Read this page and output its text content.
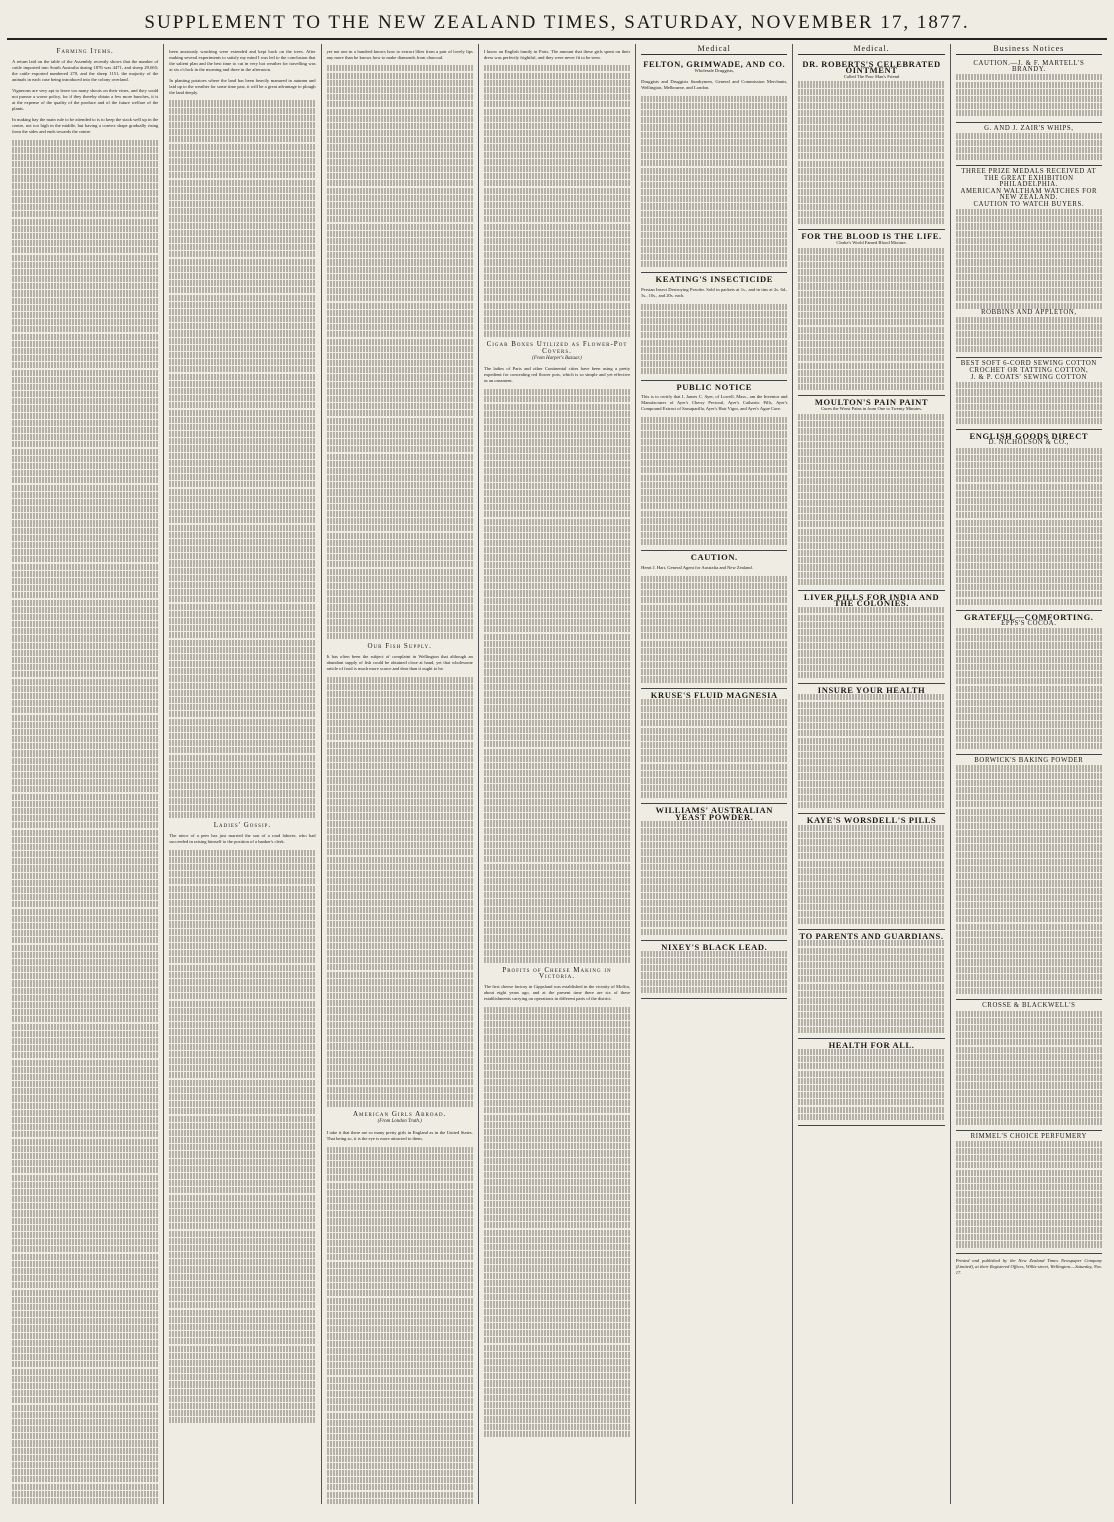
SUPPLEMENT TO THE NEW ZEALAND TIMES, SATURDAY, NOVEMBER 17, 1877.
Farming Items.

A return laid on the table of the Assembly recently shows that the number of cattle imported into South Australia during 1876 was 4471, and sheep 29,665; the cattle exported numbered 270, and the sheep 1151, the majority of the animals in each case being introduced into the colony overland.

Vignerons are very apt to leave too many shoots on their vines, and they could not pursue a worse policy, for if they thereby obtain a few more bunches, it is at the expense of the quality of the produce and of the future welfare of the plants.

In making hay the main rule to be attended to is to keep the stack well up in the centre, not too high in the middle, but having a convex shape gradually rising from the sides and ends towards the centre.

been anxiously watching were extended and kept back on the trees. After making several experiments to satisfy my mind I was led to the conclusion that the salient plan and the best time to cut in very hot weather for travelling was at six o'clock in the morning and three in the afternoon.

In planting potatoes where the land has been heavily manured in autumn and laid up to the weather for some time past, it will be a great advantage to plough the land deeply.

Ladies' Gossip.

The niece of a peer has just married the son of a road laborer, who had succeeded in raising himself to the position of a banker's clerk.

yet not one in a hundred knows how to extract lilies from a pair of lovely lips any more than he knows how to make diamonds from charcoal.

Our Fish Supply.

It has often been the subject of complaint in Wellington that although an abundant supply of fish could be obtained close at hand, yet that wholesome article of food is much more scarce and dear than it ought to be.

American Girls Abroad.
(From London Truth.)

I take it that there are so many pretty girls in England as in the United States. That being so, it is the eye is more attracted to them.

I know an English family in Paris. The amount that these girls spent on their dress was perfectly frightful, and they were never fit to be seen.

Cigar Boxes Utilized as Flower-Pot Covers.
(From Harper's Bazaar.)

The ladies of Paris and other Continental cities have been using a pretty expedient for concealing red flower pots, which is so simple and yet effective as an ornament.

Profits of Cheese Making in Victoria.

The first cheese factory in Gippsland was established in the vicinity of Moffra, about eight years ago, and at the present time there are six of these establishments carrying on operations in different parts of the district.

Medical
FELTON, GRIMWADE, AND CO.
Wholesale Druggists,

Druggists and Druggists Sundrymen, General and Commission Merchants, Wellington, Melbourne, and London.

KEATING'S INSECTICIDE

Persian Insect Destroying Powder. Sold in packets at 1s., and in tins at 2s. 6d., 5s., 10s., and 20s. each.

PUBLIC NOTICE

This is to certify that I, James C. Ayer, of Lowell, Mass., am the Inventor and Manufacturer of Ayer's Cherry Pectoral, Ayer's Cathartic Pills, Ayer's Compound Extract of Sarsaparilla, Ayer's Hair Vigor, and Ayer's Ague Cure.

CAUTION.

Henri J. Hart, General Agent for Australia and New Zealand.

KRUSE'S FLUID MAGNESIA
WILLIAMS' AUSTRALIAN YEAST POWDER.
NIXEY'S BLACK LEAD.
Medical.
DR. ROBERTS'S CELEBRATED OINTMENT
Called The Poor Man's Friend
FOR THE BLOOD IS THE LIFE.
Clarke's World Famed Blood Mixture.
MOULTON'S PAIN PAINT
Cures the Worst Pains in from One to Twenty Minutes.
LIVER PILLS FOR INDIA AND THE COLONIES.
INSURE YOUR HEALTH
KAYE'S WORSDELL'S PILLS
TO PARENTS AND GUARDIANS.
HEALTH FOR ALL.
Business Notices
CAUTION.—J. & F. MARTELL'S BRANDY.
G. AND J. ZAIR'S WHIPS,
THREE PRIZE MEDALS RECEIVED AT THE GREAT EXHIBITION PHILADELPHIA.
AMERICAN WALTHAM WATCHES FOR NEW ZEALAND.
CAUTION TO WATCH BUYERS.
ROBBINS AND APPLETON,
BEST SOFT 6-CORD SEWING COTTON
CROCHET OR TATTING COTTON,
J. & P. COATS' SEWING COTTON
ENGLISH GOODS DIRECT
D. NICHOLSON & CO.,
GRATEFUL—COMFORTING.
EPPS'S COCOA.
BORWICK'S BAKING POWDER
CROSSE & BLACKWELL'S
RIMMEL'S CHOICE PERFUMERY

Printed and published by the New Zealand Times Newspaper Company (Limited), at their Registered Offices, Willis-street, Wellington.—Saturday, Nov. 17.
